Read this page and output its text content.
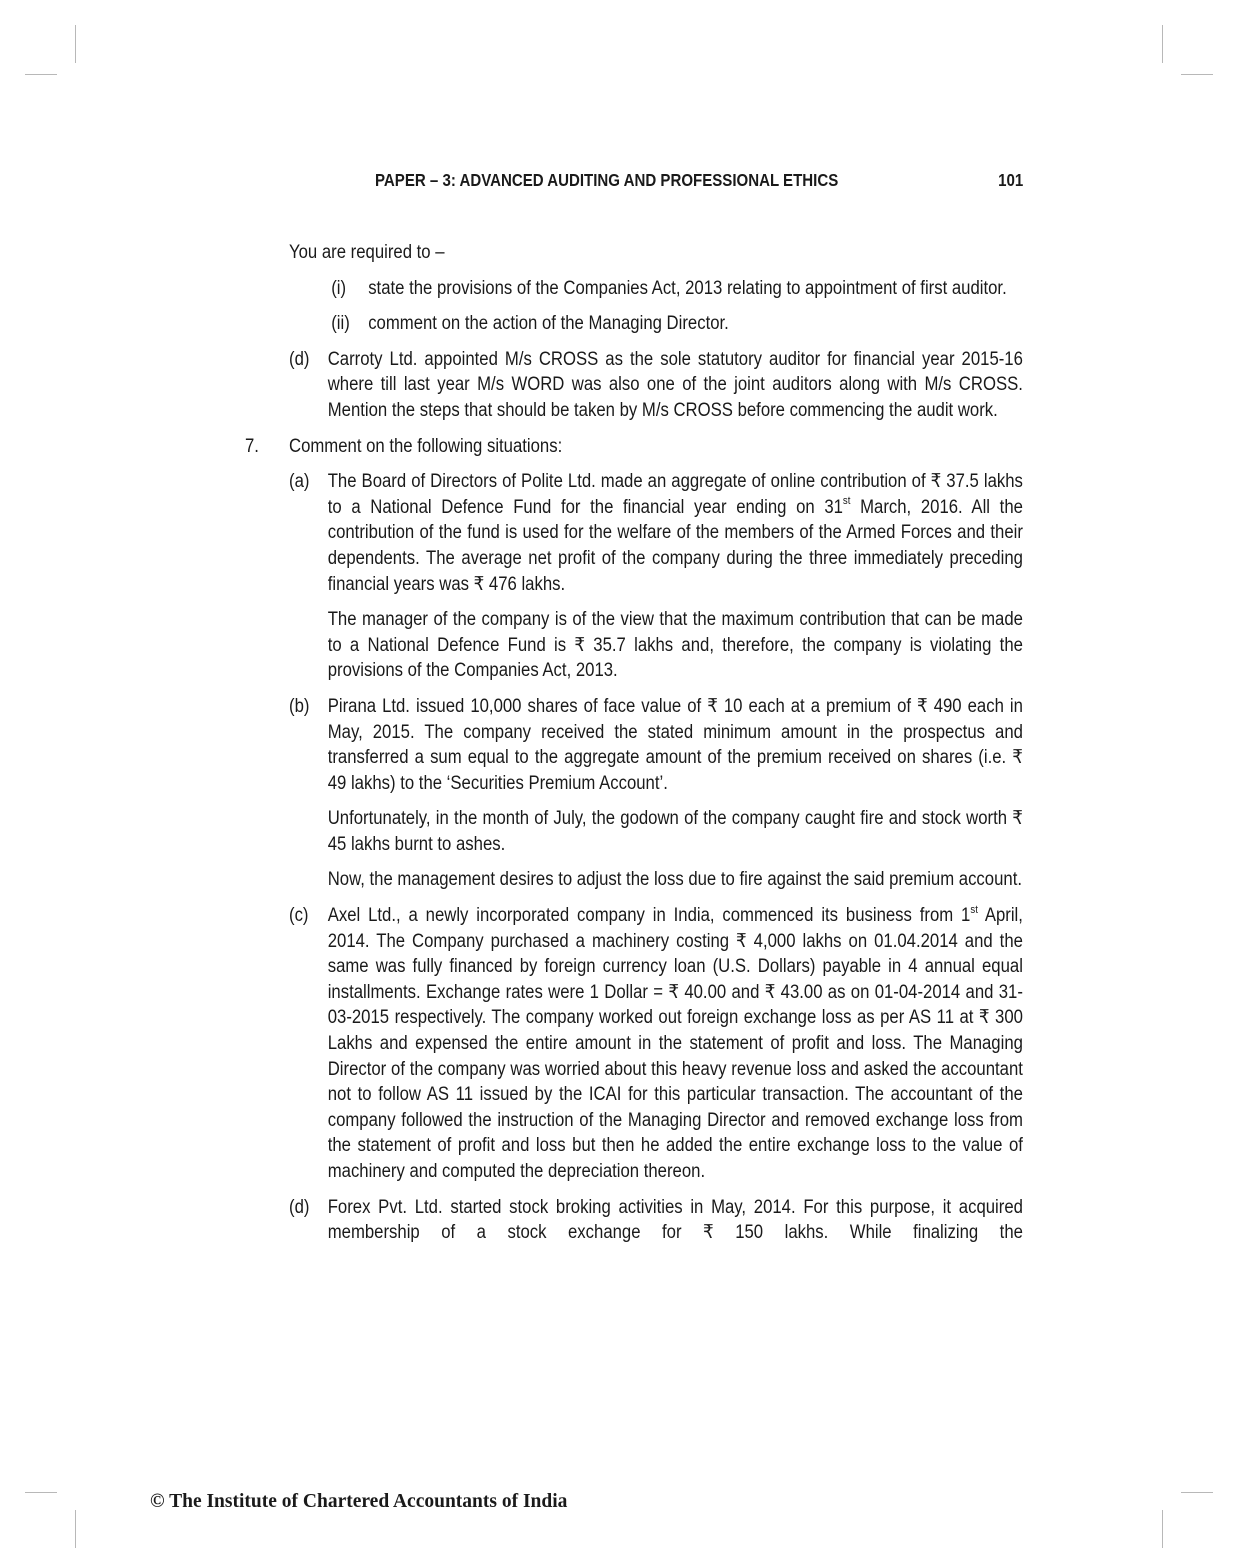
PAPER – 3: ADVANCED AUDITING AND PROFESSIONAL ETHICS	101

You are required to –

(i)	state the provisions of the Companies Act, 2013 relating to appointment of first auditor.

(ii) comment on the action of the Managing Director.

(d) Carroty Ltd. appointed M/s CROSS as the sole statutory auditor for financial year 2015-16 where till last year M/s WORD was also one of the joint auditors along with M/s CROSS. Mention the steps that should be taken by M/s CROSS before commencing the audit work.

7.	Comment on the following situations:

(a) The Board of Directors of Polite Ltd. made an aggregate of online contribution of ₹ 37.5 lakhs to a National Defence Fund for the financial year ending on 31st March, 2016. All the contribution of the fund is used for the welfare of the members of the Armed Forces and their dependents. The average net profit of the company during the three immediately preceding financial years was ₹ 476 lakhs.

The manager of the company is of the view that the maximum contribution that can be made to a National Defence Fund is ₹ 35.7 lakhs and, therefore, the company is violating the provisions of the Companies Act, 2013.

(b) Pirana Ltd. issued 10,000 shares of face value of ₹ 10 each at a premium of ₹ 490 each in May, 2015. The company received the stated minimum amount in the prospectus and transferred a sum equal to the aggregate amount of the premium received on shares (i.e. ₹ 49 lakhs) to the ‘Securities Premium Account’.

Unfortunately, in the month of July, the godown of the company caught fire and stock worth ₹ 45 lakhs burnt to ashes.

Now, the management desires to adjust the loss due to fire against the said premium account.

(c)	Axel Ltd., a newly incorporated company in India, commenced its business from 1st April, 2014. The Company purchased a machinery costing ₹ 4,000 lakhs on 01.04.2014 and the same was fully financed by foreign currency loan (U.S. Dollars) payable in 4 annual equal installments. Exchange rates were 1 Dollar = ₹ 40.00 and ₹ 43.00 as on 01-04-2014 and 31-03-2015 respectively. The company worked out foreign exchange loss as per AS 11 at ₹ 300 Lakhs and expensed the entire amount in the statement of profit and loss. The Managing Director of the company was worried about this heavy revenue loss and asked the accountant not to follow AS 11 issued by the ICAI for this particular transaction. The accountant of the company followed the instruction of the Managing Director and removed exchange loss from the statement of profit and loss but then he added the entire exchange loss to the value of machinery and computed the depreciation thereon.

(d) Forex Pvt. Ltd. started stock broking activities in May, 2014. For this purpose, it acquired membership of a stock exchange for ₹ 150 lakhs. While finalizing the

© The Institute of Chartered Accountants of India
